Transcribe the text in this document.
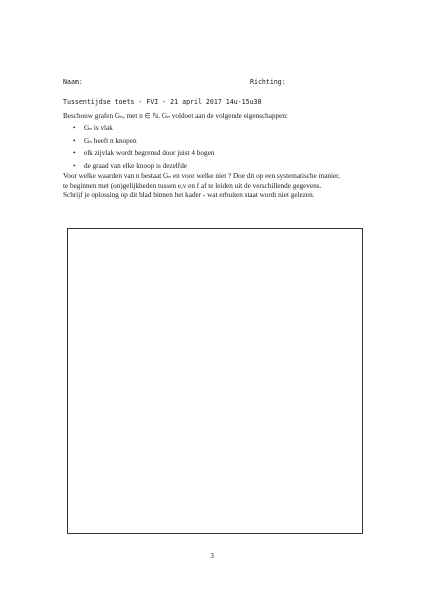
Naam:	Richting:
Tussentijdse toets - FVI - 21 april 2017 14u-15u30
Beschouw grafen Gₙ, met n ∈ ℕ. Gₙ voldoet aan de volgende eigenschappen:
• Gₙ is vlak
• Gₙ heeft n knopen
• elk zijvlak wordt begrensd door juist 4 bogen
• de graad van elke knoop is dezelfde
Voor welke waarden van n bestaat Gₙ en voor welke niet ? Doe dit op een systematische manier,
te beginnen met (on)gelijkheden tussen e,v en f af te leiden uit de verschillende gegevens.
Schrijf je oplossing op dit blad binnen het kader - wat erbuiten staat wordt niet gelezen.
3
